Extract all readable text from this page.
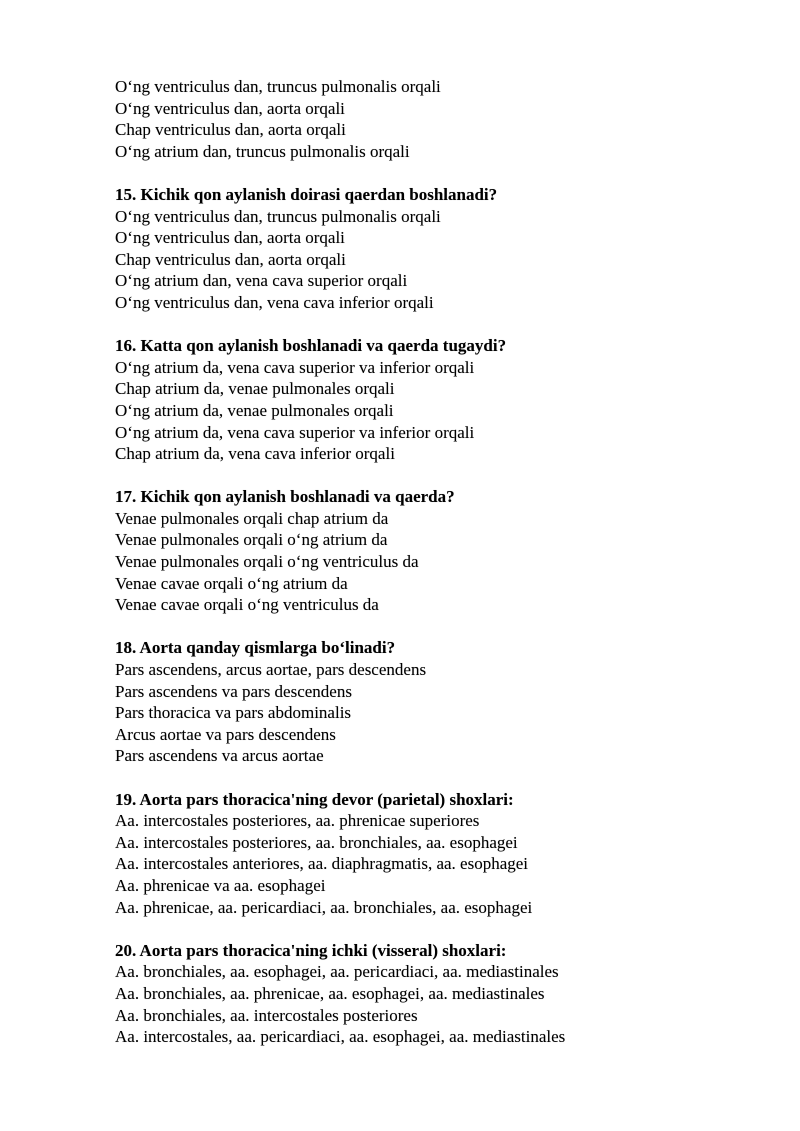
O‘ng ventriculus dan, truncus pulmonalis orqali
O‘ng ventriculus dan, aorta orqali
Chap ventriculus dan, aorta orqali
O‘ng atrium dan, truncus pulmonalis orqali
15. Kichik qon aylanish doirasi qaerdan boshlanadi?
O‘ng ventriculus dan, truncus pulmonalis orqali
O‘ng ventriculus dan, aorta orqali
Chap ventriculus dan, aorta orqali
O‘ng atrium dan, vena cava superior orqali
O‘ng ventriculus dan, vena cava inferior orqali
16. Katta qon aylanish boshlanadi va qaerda tugaydi?
O‘ng atrium da, vena cava superior va inferior orqali
Chap atrium da, venae pulmonales orqali
O‘ng atrium da, venae pulmonales orqali
O‘ng atrium da, vena cava superior va inferior orqali
Chap atrium da, vena cava inferior orqali
17. Kichik qon aylanish boshlanadi va qaerda?
Venae pulmonales orqali chap atrium da
Venae pulmonales orqali o‘ng atrium da
Venae pulmonales orqali o‘ng ventriculus da
Venae cavae orqali o‘ng atrium da
Venae cavae orqali o‘ng ventriculus da
18. Aorta qanday qismlarga bo‘linadi?
Pars ascendens, arcus aortae, pars descendens
Pars ascendens va pars descendens
Pars thoracica va pars abdominalis
Arcus aortae va pars descendens
Pars ascendens va arcus aortae
19. Aorta pars thoracica'ning devor (parietal) shoxlari:
Aa. intercostales posteriores, aa. phrenicae superiores
Aa. intercostales posteriores, aa. bronchiales, aa. esophagei
Aa. intercostales anteriores, aa. diaphragmatis, aa. esophagei
Aa. phrenicae va aa. esophagei
Aa. phrenicae, aa. pericardiaci, aa. bronchiales, aa. esophagei
20. Aorta pars thoracica'ning ichki (visseral) shoxlari:
Aa. bronchiales, aa. esophagei, aa. pericardiaci, aa. mediastinales
Aa. bronchiales, aa. phrenicae, aa. esophagei, aa. mediastinales
Aa. bronchiales, aa. intercostales posteriores
Aa. intercostales, aa. pericardiaci, aa. esophagei, aa. mediastinales
